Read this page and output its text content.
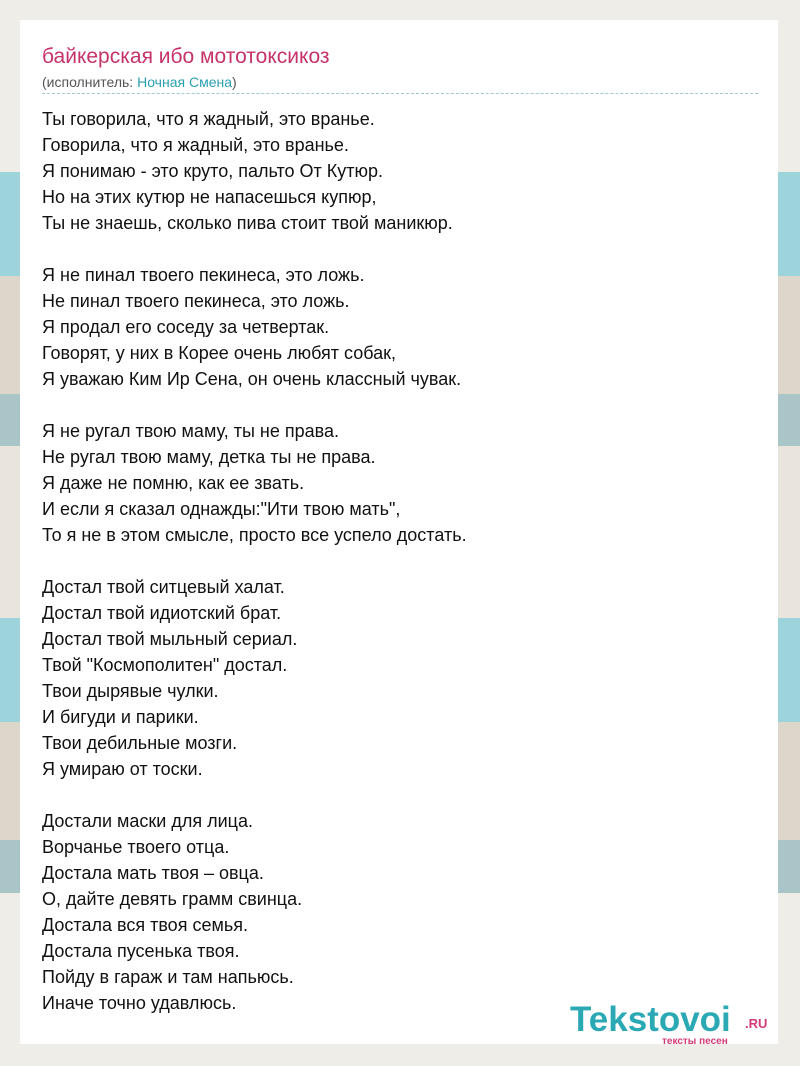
байкерская ибо мототоксикоз
(исполнитель: Ночная Смена)
Ты говорила, что я жадный, это вранье.
Говорила, что я жадный, это вранье.
Я понимаю - это круто, пальто От Кутюр.
Но на этих кутюр не напасешься купюр,
Ты не знаешь, сколько пива стоит твой маникюр.
Я не пинал твоего пекинеса, это ложь.
Не пинал твоего пекинеса, это ложь.
Я продал его соседу за четвертак.
Говорят, у них в Корее очень любят собак,
Я уважаю Ким Ир Сена, он очень классный чувак.
Я не ругал твою маму, ты не права.
Не ругал твою маму, детка ты не права.
Я даже не помню, как ее звать.
И если я сказал однажды:"Ити твою мать",
То я не в этом смысле, просто все успело достать.
Достал твой ситцевый халат.
Достал твой идиотский брат.
Достал твой мыльный сериал.
Твой "Космополитен" достал.
Твои дырявые чулки.
И бигуди и парики.
Твои дебильные мозги.
Я умираю от тоски.
Достали маски для лица.
Ворчанье твоего отца.
Достала мать твоя – овца.
О, дайте девять грамм свинца.
Достала вся твоя семья.
Достала пусенька твоя.
Пойду в гараж и там напьюсь.
Иначе точно удавлюсь.	Tekstovoi .RU
тексты песен
